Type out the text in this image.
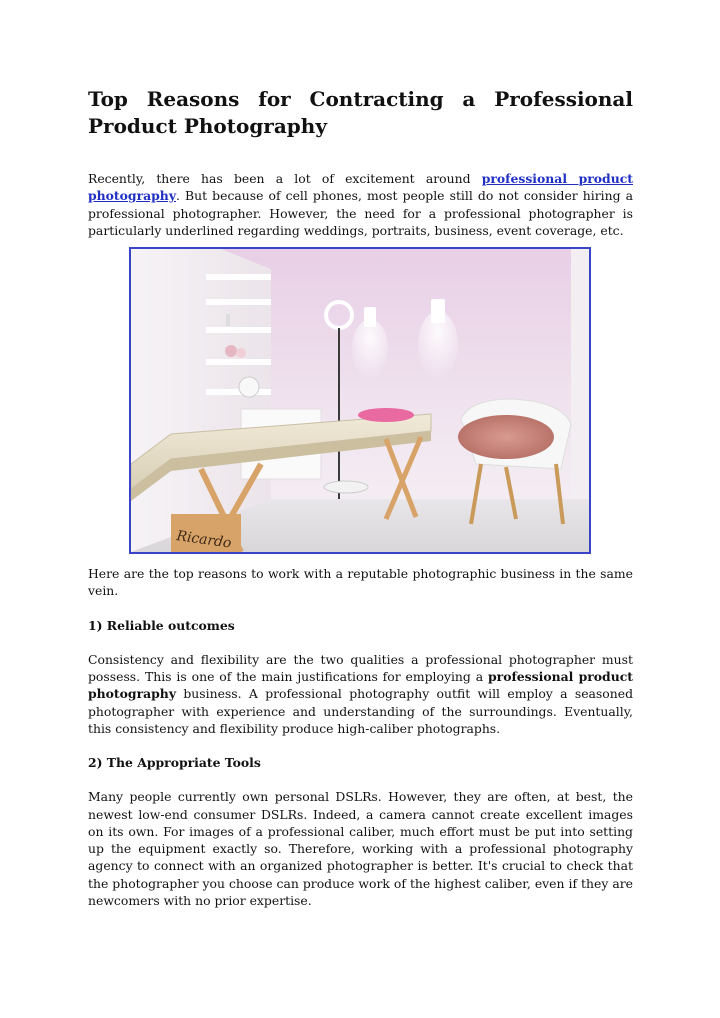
Top Reasons for Contracting a Professional Product Photography

Recently, there has been a lot of excitement around professional product photography. But because of cell phones, most people still do not consider hiring a professional photographer. However, the need for a professional photographer is particularly underlined regarding weddings, portraits, business, event coverage, etc.

Ricardo

Here are the top reasons to work with a reputable photographic business in the same vein.

1) Reliable outcomes

Consistency and flexibility are the two qualities a professional photographer must possess. This is one of the main justifications for employing a professional product photography business. A professional photography outfit will employ a seasoned photographer with experience and understanding of the surroundings. Eventually, this consistency and flexibility produce high-caliber photographs.

2) The Appropriate Tools

Many people currently own personal DSLRs. However, they are often, at best, the newest low-end consumer DSLRs. Indeed, a camera cannot create excellent images on its own. For images of a professional caliber, much effort must be put into setting up the equipment exactly so. Therefore, working with a professional photography agency to connect with an organized photographer is better. It's crucial to check that the photographer you choose can produce work of the highest caliber, even if they are newcomers with no prior expertise.
